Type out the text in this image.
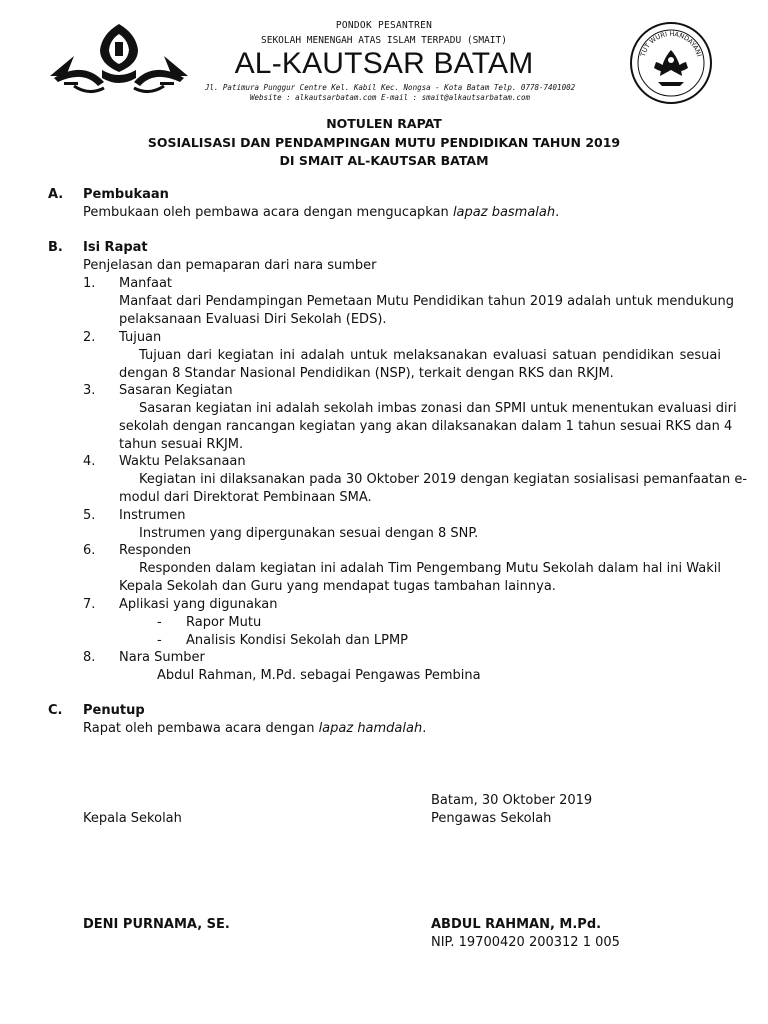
PONDOK PESANTREN
SEKOLAH MENENGAH ATAS ISLAM TERPADU (SMAIT)
AL-KAUTSAR BATAM
Jl. Patimura Punggur Centre Kel. Kabil Kec. Nongsa - Kota Batam Telp. 0778-7401002
Website : alkautsarbatam.com E-mail : smait@alkautsarbatam.com
TUT WURI HANDAYANI
NOTULEN RAPAT
SOSIALISASI DAN PENDAMPINGAN MUTU PENDIDIKAN TAHUN 2019
DI SMAIT AL-KAUTSAR BATAM
A. Pembukaan
Pembukaan oleh pembawa acara dengan mengucapkan lapaz basmalah.
B. Isi Rapat
Penjelasan dan pemaparan dari nara sumber
1. Manfaat
Manfaat dari Pendampingan Pemetaan Mutu Pendidikan tahun 2019 adalah untuk mendukung
pelaksanaan Evaluasi Diri Sekolah (EDS).
2. Tujuan
Tujuan dari kegiatan ini adalah untuk melaksanakan evaluasi satuan pendidikan sesuai
dengan 8 Standar Nasional Pendidikan (NSP), terkait dengan RKS dan RKJM.
3. Sasaran Kegiatan
Sasaran kegiatan ini adalah sekolah imbas zonasi dan SPMI untuk menentukan evaluasi diri
sekolah dengan rancangan kegiatan yang akan dilaksanakan dalam 1 tahun sesuai RKS dan 4
tahun sesuai RKJM.
4. Waktu Pelaksanaan
Kegiatan ini dilaksanakan pada 30 Oktober 2019 dengan kegiatan sosialisasi pemanfaatan e-
modul dari Direktorat Pembinaan SMA.
5. Instrumen
Instrumen yang dipergunakan sesuai dengan 8 SNP.
6. Responden
Responden dalam kegiatan ini adalah Tim Pengembang Mutu Sekolah dalam hal ini Wakil
Kepala Sekolah dan Guru yang mendapat tugas tambahan lainnya.
7. Aplikasi yang digunakan
- Rapor Mutu
- Analisis Kondisi Sekolah dan LPMP
8. Nara Sumber
Abdul Rahman, M.Pd. sebagai Pengawas Pembina
C. Penutup
Rapat oleh pembawa acara dengan lapaz hamdalah.
Batam, 30 Oktober 2019
Kepala Sekolah	Pengawas Sekolah
DENI PURNAMA, SE.	ABDUL RAHMAN, M.Pd.
NIP. 19700420 200312 1 005
